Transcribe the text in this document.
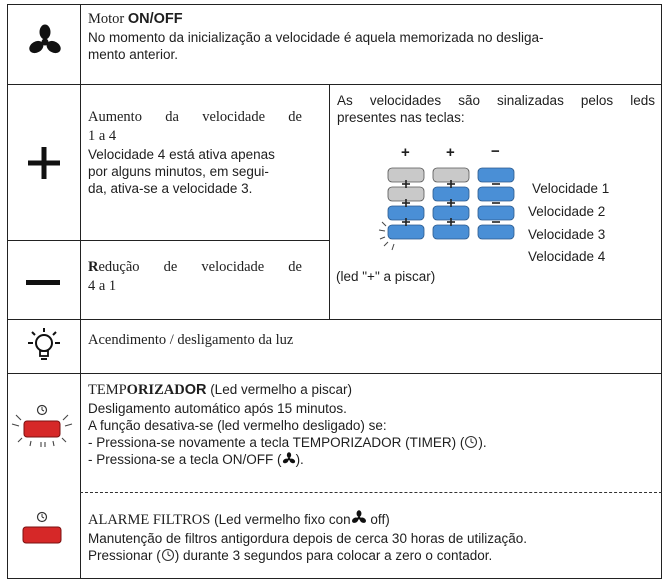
Motor ON/OFF
No momento da inicialização a velocidade é aquela memorizada no desliga-
mento anterior.
Aumento da velocidade de
1 a 4
Velocidade 4 está ativa apenas
por alguns minutos, em segui-
da, ativa-se a velocidade 3.
As velocidades são sinalizadas pelos leds
presentes nas teclas:
+ + −
Velocidade 1
Velocidade 2
Velocidade 3
Velocidade 4
(led "+" a piscar)
Redução de velocidade de
4 a 1
Acendimento / desligamento da luz
TEMPORIZADOR (Led vermelho a piscar)
Desligamento automático após 15 minutos.
A função desativa-se (led vermelho desligado) se:
- Pressiona-se novamente a tecla TEMPORIZADOR (TIMER) ( ).
- Pressiona-se a tecla ON/OFF ( ).
ALARME FILTROS (Led vermelho fixo con off)
Manutenção de filtros antigordura depois de cerca 30 horas de utilização.
Pressionar ( ) durante 3 segundos para colocar a zero o contador.
